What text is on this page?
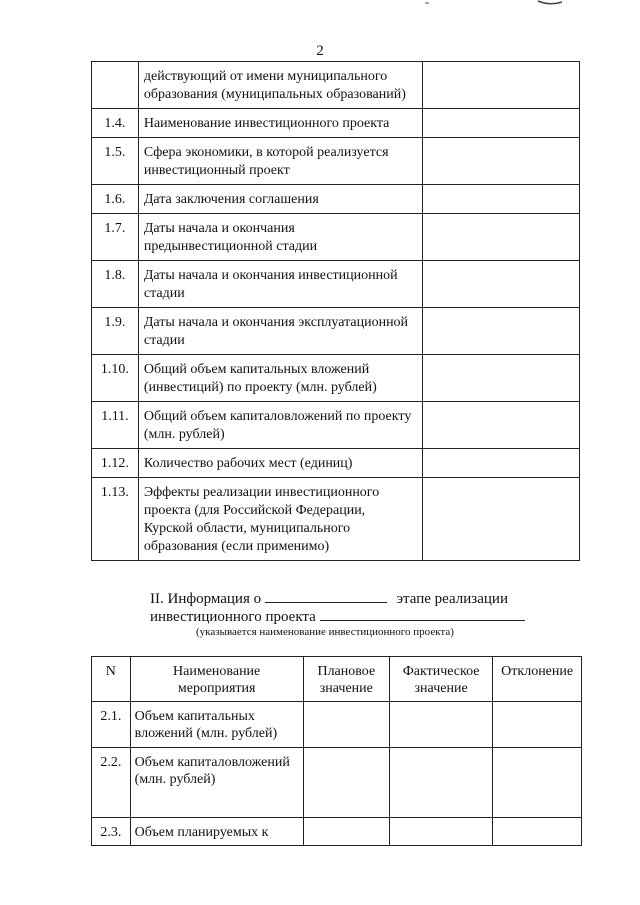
2
	действующий от имени муниципального образования (муниципальных образований)	
1.4.	Наименование инвестиционного проекта	
1.5.	Сфера экономики, в которой реализуется инвестиционный проект	
1.6.	Дата заключения соглашения	
1.7.	Даты начала и окончания предынвестиционной стадии	
1.8.	Даты начала и окончания инвестиционной стадии	
1.9.	Даты начала и окончания эксплуатационной стадии	
1.10.	Общий объем капитальных вложений (инвестиций) по проекту (млн. рублей)	
1.11.	Общий объем капиталовложений по проекту (млн. рублей)	
1.12.	Количество рабочих мест (единиц)	
1.13.	Эффекты реализации инвестиционного проекта (для Российской Федерации, Курской области, муниципального образования (если применимо)	
II. Информация о	этапе реализации
инвестиционного проекта
(указывается наименование инвестиционного проекта)
N	Наименование мероприятия	Плановое значение	Фактическое значение	Отклонение
2.1.	Объем капитальных вложений (млн. рублей)			
2.2.	Объем капиталовложений (млн. рублей)			
2.3.	Объем планируемых к			
